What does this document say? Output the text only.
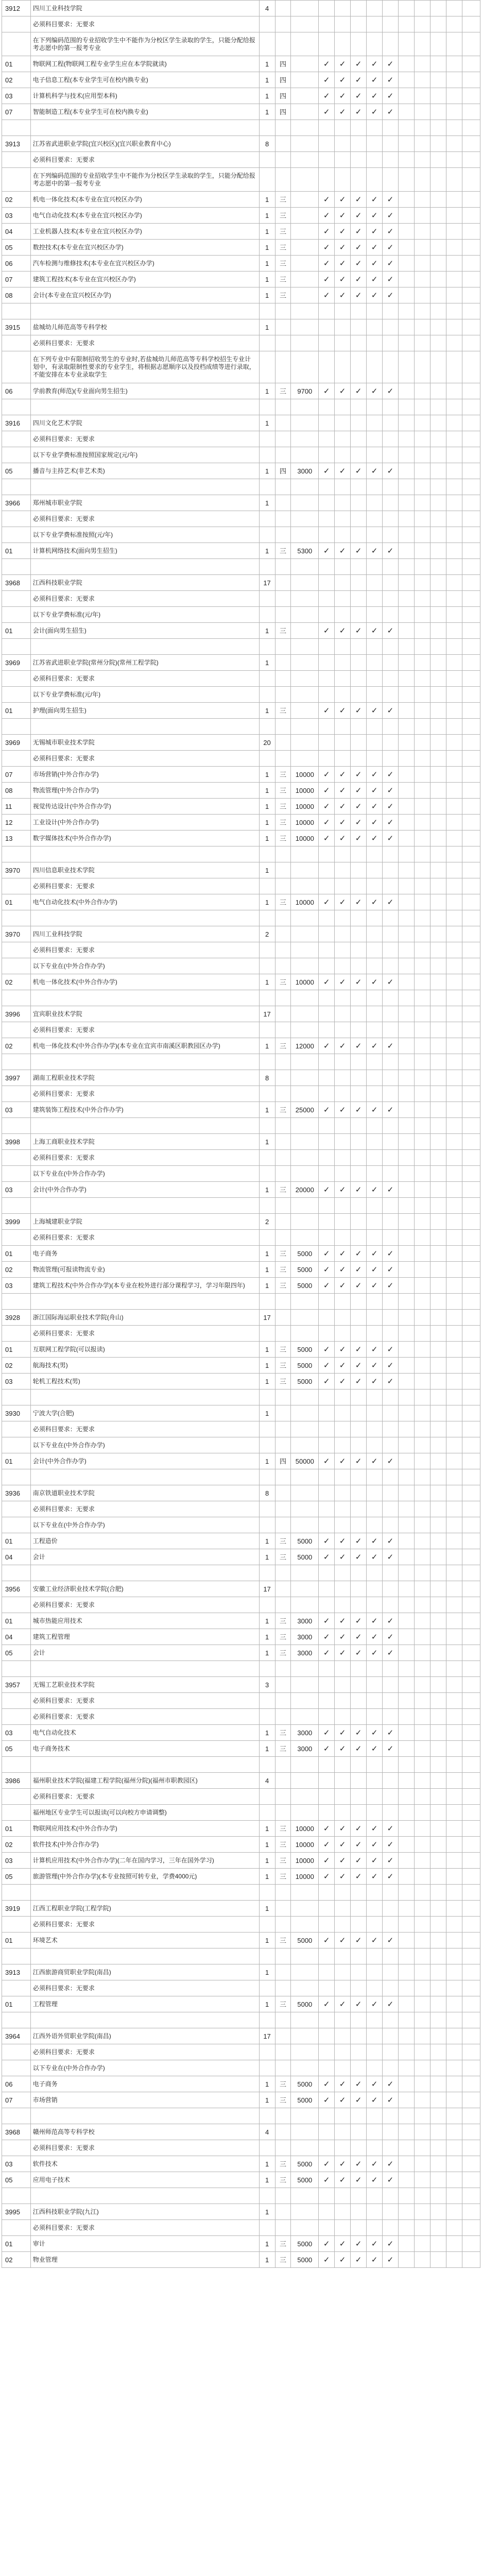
3912	四川工业科技学院	4												
	必须科目要求：无要求													
	在下列编码范围的专业招收学生中不能作为分校区学生录取的学生，只能分配给报考志愿中的第一报考专业													
01	物联网工程(物联网工程专业学生应在本学院就读)	1	四		✓	✓	✓	✓	✓					
02	电子信息工程(本专业学生可在校内换专业)	1	四		✓	✓	✓	✓	✓					
03	计算机科学与技术(应用型本科)	1	四		✓	✓	✓	✓	✓					
07	智能制造工程(本专业学生可在校内换专业)	1	四		✓	✓	✓	✓	✓					

3913	江苏省武进职业学院(宜兴校区)(宜兴职业教育中心)	8												
	必须科目要求：无要求													
	在下列编码范围的专业招收学生中不能作为分校区学生录取的学生，只能分配给报考志愿中的第一报考专业													
02	机电一体化技术(本专业在宜兴校区办学)	1	三		✓	✓	✓	✓	✓					
03	电气自动化技术(本专业在宜兴校区办学)	1	三		✓	✓	✓	✓	✓					
04	工业机器人技术(本专业在宜兴校区办学)	1	三		✓	✓	✓	✓	✓					
05	数控技术(本专业在宜兴校区办学)	1	三		✓	✓	✓	✓	✓					
06	汽车检测与维修技术(本专业在宜兴校区办学)	1	三		✓	✓	✓	✓	✓					
07	建筑工程技术(本专业在宜兴校区办学)	1	三		✓	✓	✓	✓	✓					
08	会计(本专业在宜兴校区办学)	1	三		✓	✓	✓	✓	✓					

3915	盐城幼儿师范高等专科学校	1												
	必须科目要求：无要求													
	在下列专业中有限制招收男生的专业时,若盐城幼儿师范高等专科学校招生专业计划中，有录取限制性要求的专业学生，将根据志愿顺序以及投档成绩等进行录取，不能安排在本专业录取学生													
06	学前教育(师范)(专业面向男生招生)	1	三	9700	✓	✓	✓	✓	✓					

3916	四川文化艺术学院	1												
	必须科目要求：无要求													
	以下专业学费标准按照国家规定(元/年)													
05	播音与主持艺术(非艺术类)	1	四	3000	✓	✓	✓	✓	✓					

3966	郑州城市职业学院	1												
	必须科目要求：无要求													
	以下专业学费标准按照(元/年)													
01	计算机网络技术(面向男生招生)	1	三	5300	✓	✓	✓	✓	✓					

3968	江西科技职业学院	17												
	必须科目要求：无要求													
	以下专业学费标准(元/年)													
01	会计(面向男生招生)	1	三		✓	✓	✓	✓	✓					

3969	江苏省武进职业学院(常州分院)(常州工程学院)	1												
	必须科目要求：无要求													
	以下专业学费标准(元/年)													
01	护理(面向男生招生)	1	三		✓	✓	✓	✓	✓					

3969	无锡城市职业技术学院	20												
	必须科目要求：无要求													
07	市场营销(中外合作办学)	1	三	10000	✓	✓	✓	✓	✓					
08	物流管理(中外合作办学)	1	三	10000	✓	✓	✓	✓	✓					
11	视觉传达设计(中外合作办学)	1	三	10000	✓	✓	✓	✓	✓					
12	工业设计(中外合作办学)	1	三	10000	✓	✓	✓	✓	✓					
13	数字媒体技术(中外合作办学)	1	三	10000	✓	✓	✓	✓	✓					

3970	四川信息职业技术学院	1												
	必须科目要求：无要求													
01	电气自动化技术(中外合作办学)	1	三	10000	✓	✓	✓	✓	✓					

3970	四川工业科技学院	2												
	必须科目要求：无要求													
	以下专业在(中外合作办学)													
02	机电一体化技术(中外合作办学)	1	三	10000	✓	✓	✓	✓	✓					

3996	宜宾职业技术学院	17												
	必须科目要求：无要求													
02	机电一体化技术(中外合作办学)(本专业在宜宾市南溪区职教园区办学)	1	三	12000	✓	✓	✓	✓	✓					

3997	湖南工程职业技术学院	8												
	必须科目要求：无要求													
03	建筑装饰工程技术(中外合作办学)	1	三	25000	✓	✓	✓	✓	✓					

3998	上海工商职业技术学院	1												
	必须科目要求：无要求													
	以下专业在(中外合作办学)													
03	会计(中外合作办学)	1	三	20000	✓	✓	✓	✓	✓					

3999	上海城建职业学院	2												
	必须科目要求：无要求													
01	电子商务	1	三	5000	✓	✓	✓	✓	✓					
02	物流管理(可报读物流专业)	1	三	5000	✓	✓	✓	✓	✓					
03	建筑工程技术(中外合作办学)(本专业在校外进行部分课程学习，学习年限四年)	1	三	5000	✓	✓	✓	✓	✓					

3928	浙江国际海运职业技术学院(舟山)	17												
	必须科目要求：无要求													
01	互联网工程学院(可以报读)	1	三	5000	✓	✓	✓	✓	✓					
02	航海技术(男)	1	三	5000	✓	✓	✓	✓	✓					
03	轮机工程技术(男)	1	三	5000	✓	✓	✓	✓	✓					

3930	宁波大学(合肥)	1												
	必须科目要求：无要求													
	以下专业在(中外合作办学)													
01	会计(中外合作办学)	1	四	50000	✓	✓	✓	✓	✓					

3936	南京铁道职业技术学院	8												
	必须科目要求：无要求													
	以下专业在(中外合作办学)													
01	工程造价	1	三	5000	✓	✓	✓	✓	✓					
04	会计	1	三	5000	✓	✓	✓	✓	✓					

3956	安徽工业经济职业技术学院(合肥)	17												
	必须科目要求：无要求													
01	城市热能应用技术	1	三	3000	✓	✓	✓	✓	✓					
04	建筑工程管理	1	三	3000	✓	✓	✓	✓	✓					
05	会计	1	三	3000	✓	✓	✓	✓	✓					

3957	无锡工艺职业技术学院	3												
	必须科目要求：无要求													
	必须科目要求：无要求													
03	电气自动化技术	1	三	3000	✓	✓	✓	✓	✓					
05	电子商务技术	1	三	3000	✓	✓	✓	✓	✓					

3986	福州职业技术学院(福建工程学院(福州分院)(福州市职教园区)	4												
	必须科目要求：无要求													
	福州地区专业学生可以报读(可以向校方申请调整)													
01	物联网应用技术(中外合作办学)	1	三	10000	✓	✓	✓	✓	✓					
02	软件技术(中外合作办学)	1	三	10000	✓	✓	✓	✓	✓					
03	计算机应用技术(中外合作办学)(二年在国内学习，三年在国外学习)	1	三	10000	✓	✓	✓	✓	✓					
05	旅游管理(中外合作办学)(本专业按照可转专业，学费4000元)	1	三	10000	✓	✓	✓	✓	✓					

3919	江西工程职业学院(工程学院)	1												
	必须科目要求：无要求													
01	环境艺术	1	三	5000	✓	✓	✓	✓	✓					

3913	江西旅游商贸职业学院(南昌)	1												
	必须科目要求：无要求													
01	工程管理	1	三	5000	✓	✓	✓	✓	✓					

3964	江西外语外贸职业学院(南昌)	17												
	必须科目要求：无要求													
	以下专业在(中外合作办学)													
06	电子商务	1	三	5000	✓	✓	✓	✓	✓					
07	市场营销	1	三	5000	✓	✓	✓	✓	✓					

3968	赣州师范高等专科学校	4												
	必须科目要求：无要求													
03	软件技术	1	三	5000	✓	✓	✓	✓	✓					
05	应用电子技术	1	三	5000	✓	✓	✓	✓	✓					

3995	江西科技职业学院(九江)	1												
	必须科目要求：无要求													
01	审计	1	三	5000	✓	✓	✓	✓	✓					
02	物业管理	1	三	5000	✓	✓	✓	✓	✓					
